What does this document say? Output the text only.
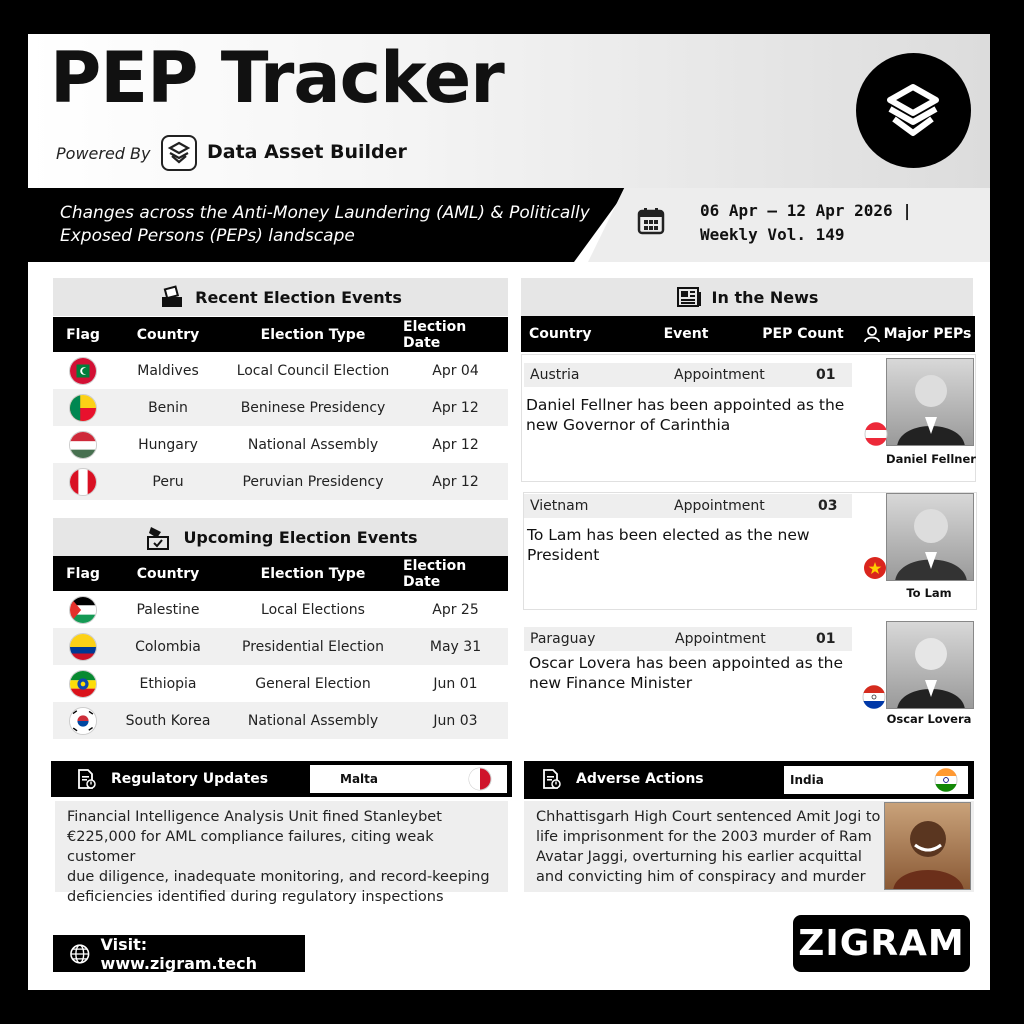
PEP Tracker
Powered By	Data Asset Builder
Changes across the Anti-Money Laundering (AML) & Politically
Exposed Persons (PEPs) landscape
06 Apr – 12 Apr 2026 |
Weekly Vol. 149
Recent Election Events
Flag	Country	Election Type	Election Date
Maldives	Local Council Election	Apr 04
Benin	Beninese Presidency	Apr 12
Hungary	National Assembly	Apr 12
Peru	Peruvian Presidency	Apr 12
Upcoming Election Events
Flag	Country	Election Type	Election Date
Palestine	Local Elections	Apr 25
Colombia	Presidential Election	May 31
Ethiopia	General Election	Jun 01
South Korea	National Assembly	Jun 03
In the News
Country	Event	PEP Count	Major PEPs
Austria	Appointment	01
Daniel Fellner has been appointed as the
new Governor of Carinthia
Daniel Fellner
Vietnam	Appointment	03
To Lam has been elected as the new
President
To Lam
Paraguay	Appointment	01
Oscar Lovera has been appointed as the
new Finance Minister
Oscar Lovera
Regulatory Updates	Malta
Financial Intelligence Analysis Unit fined Stanleybet
€225,000 for AML compliance failures, citing weak customer
due diligence, inadequate monitoring, and record-keeping
deficiencies identified during regulatory inspections
Adverse Actions	India
Chhattisgarh High Court sentenced Amit Jogi to
life imprisonment for the 2003 murder of Ram
Avatar Jaggi, overturning his earlier acquittal
and convicting him of conspiracy and murder
Visit: www.zigram.tech	ZIGRAM
